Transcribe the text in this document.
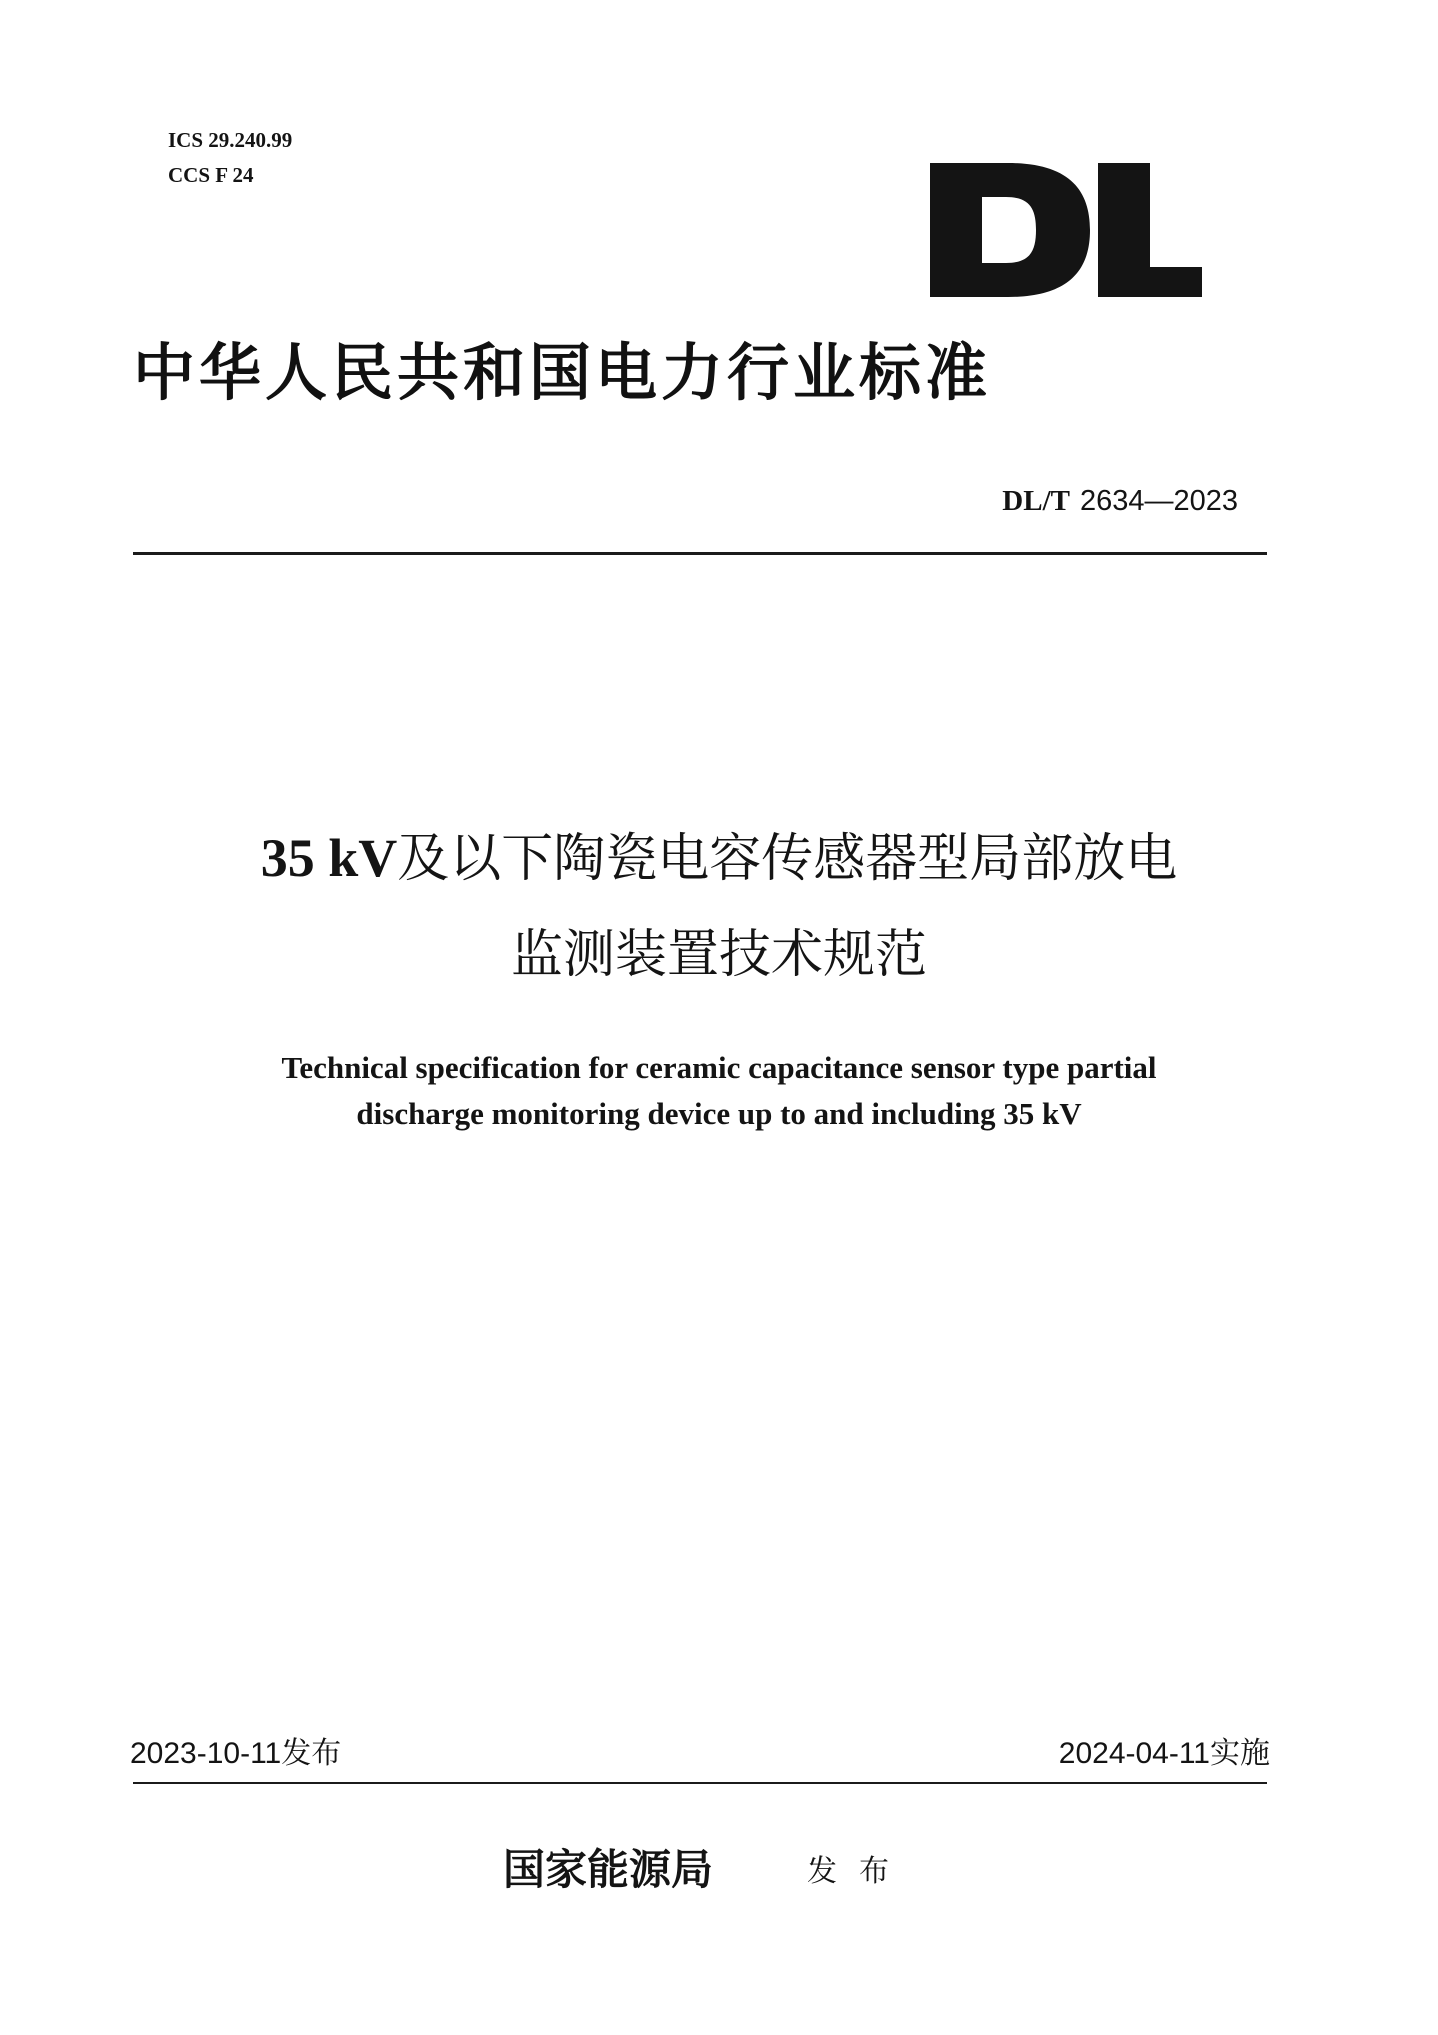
ICS 29.240.99
CCS F 24
中华人民共和国电力行业标准
DL/T 2634—2023
35 kV及以下陶瓷电容传感器型局部放电
监测装置技术规范
Technical specification for ceramic capacitance sensor type partial
discharge monitoring device up to and including 35 kV
2023-10-11发布	2024-04-11实施
国家能源局	发布
